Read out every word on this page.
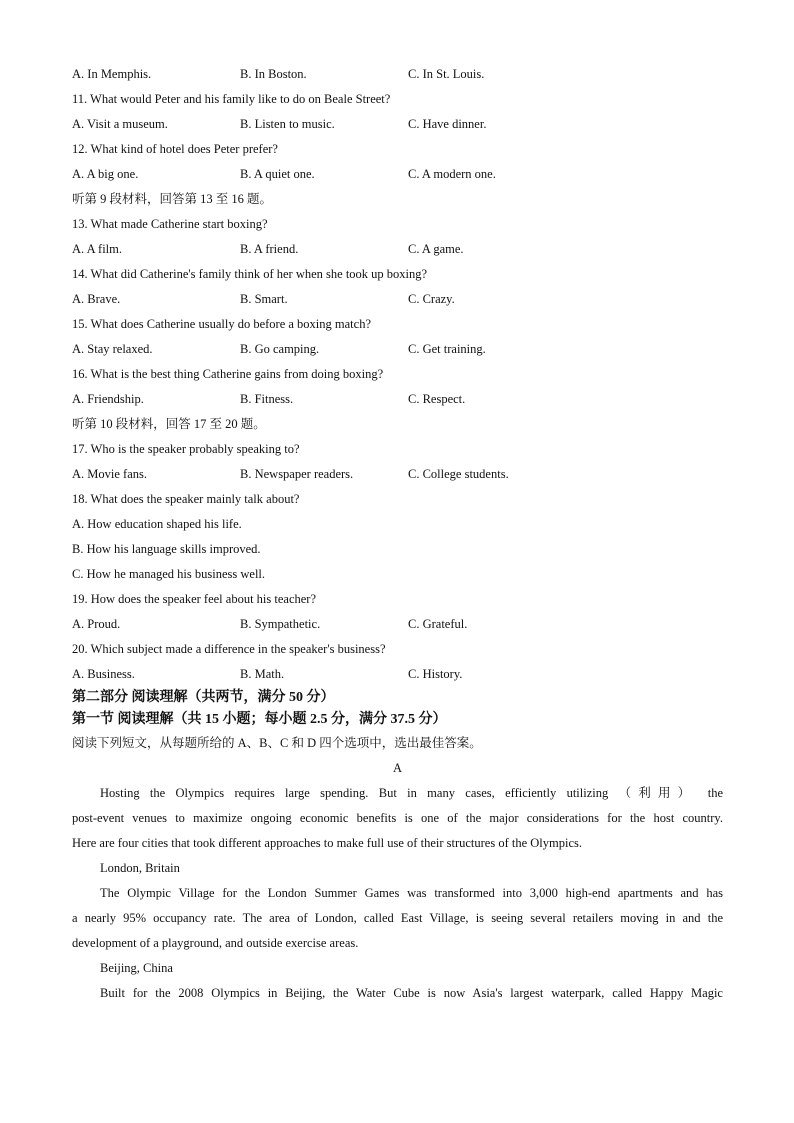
A. In Memphis.	B. In Boston.	C. In St. Louis.
11. What would Peter and his family like to do on Beale Street?
A. Visit a museum.	B. Listen to music.	C. Have dinner.
12. What kind of hotel does Peter prefer?
A. A big one.	B. A quiet one.	C. A modern one.
听第 9 段材料，回答第 13 至 16 题。
13. What made Catherine start boxing?
A. A film.	B. A friend.	C. A game.
14. What did Catherine's family think of her when she took up boxing?
A. Brave.	B. Smart.	C. Crazy.
15. What does Catherine usually do before a boxing match?
A. Stay relaxed.	B. Go camping.	C. Get training.
16. What is the best thing Catherine gains from doing boxing?
A. Friendship.	B. Fitness.	C. Respect.
听第 10 段材料，回答 17 至 20 题。
17. Who is the speaker probably speaking to?
A. Movie fans.	B. Newspaper readers.	C. College students.
18. What does the speaker mainly talk about?
A. How education shaped his life.
B. How his language skills improved.
C. How he managed his business well.
19. How does the speaker feel about his teacher?
A. Proud.	B. Sympathetic.	C. Grateful.
20. Which subject made a difference in the speaker's business?
A. Business.	B. Math.	C. History.
第二部分 阅读理解（共两节，满分 50 分）
第一节 阅读理解（共 15 小题；每小题 2.5 分，满分 37.5 分）
阅读下列短文，从每题所给的 A、B、C 和 D 四个选项中，选出最佳答案。
A
Hosting the Olympics requires large spending. But in many cases, efficiently utilizing （利用） the
post-event venues to maximize ongoing economic benefits is one of the major considerations for the host country.
Here are four cities that took different approaches to make full use of their structures of the Olympics.
London, Britain
The Olympic Village for the London Summer Games was transformed into 3,000 high-end apartments and has
a nearly 95% occupancy rate. The area of London, called East Village, is seeing several retailers moving in and the
development of a playground, and outside exercise areas.
Beijing, China
Built for the 2008 Olympics in Beijing, the Water Cube is now Asia's largest waterpark, called Happy Magic
